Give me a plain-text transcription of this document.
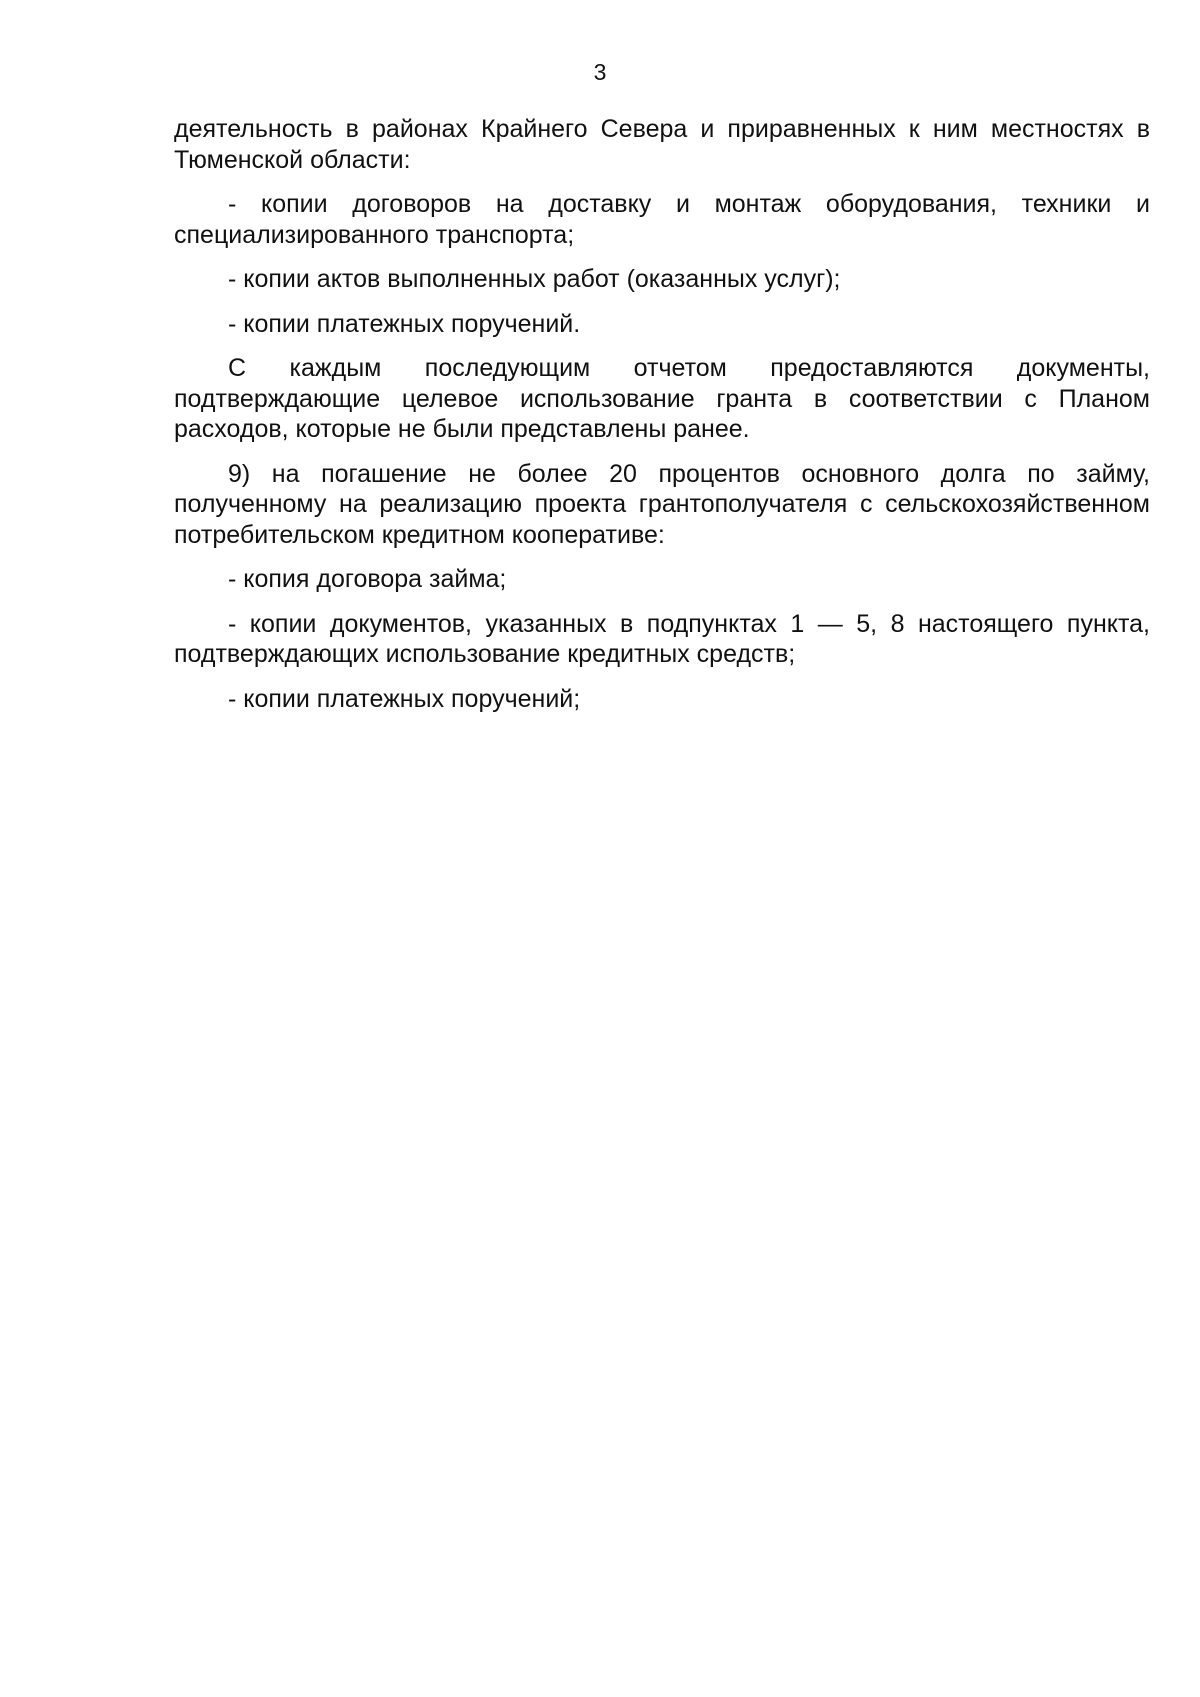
3

деятельность в районах Крайнего Севера и приравненных к ним местностях в Тюменской области:

- копии договоров на доставку и монтаж оборудования, техники и специализированного транспорта;

- копии актов выполненных работ (оказанных услуг);

- копии платежных поручений.

С каждым последующим отчетом предоставляются документы, подтверждающие целевое использование гранта в соответствии с Планом расходов, которые не были представлены ранее.

9) на погашение не более 20 процентов основного долга по займу, полученному на реализацию проекта грантополучателя с сельскохозяйственном потребительском кредитном кооперативе:

- копия договора займа;

- копии документов, указанных в подпунктах 1 — 5, 8 настоящего пункта, подтверждающих использование кредитных средств;

- копии платежных поручений;
